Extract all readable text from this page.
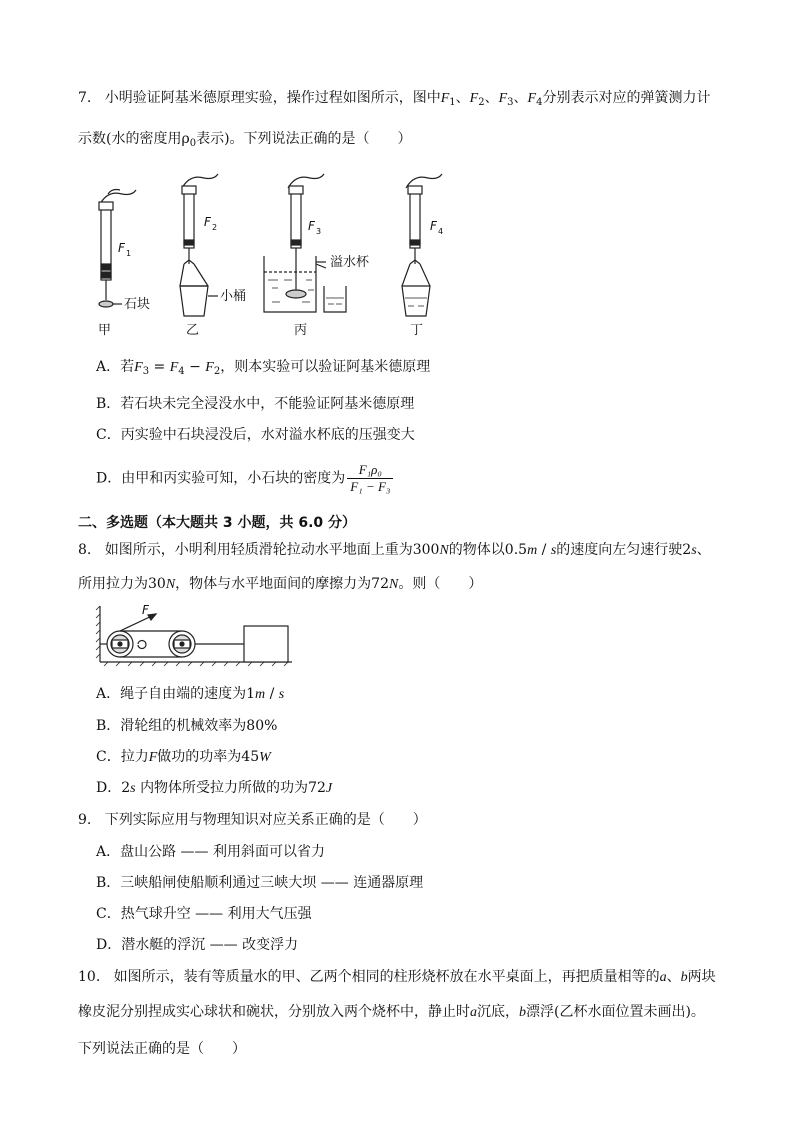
7. 小明验证阿基米德原理实验，操作过程如图所示，图中$F_1$、$F_2$、$F_3$、$F_4$分别表示对应的弹簧测力计
示数(水的密度用$\rho_0$表示)。下列说法正确的是（　　）
F 1
F 2	F 3	F 4
石块
小桶
溢水杯
甲	乙	丙	丁
A．若$F_3 = F_4 - F_2$，则本实验可以验证阿基米德原理
B．若石块未完全浸没水中，不能验证阿基米德原理
C．丙实验中石块浸没后，水对溢水杯底的压强变大
D．由甲和丙实验可知，小石块的密度为 $\frac{\text{F₁ρ₀}}{\text{F₁ − F₃}}$
二、多选题（本大题共 3 小题，共 6.0 分）
8. 如图所示，小明利用轻质滑轮拉动水平地面上重为300N的物体以0.5m / s的速度向左匀速行驶2s、
所用拉力为30N，物体与水平地面间的摩擦力为72N。则（　　）
F
A．绳子自由端的速度为1m / s
B．滑轮组的机械效率为80%
C．拉力F做功的功率为45W
D．2s 内物体所受拉力所做的功为72J
9. 下列实际应用与物理知识对应关系正确的是（　　）
A．盘山公路 —— 利用斜面可以省力
B．三峡船闸使船顺利通过三峡大坝 —— 连通器原理
C．热气球升空 —— 利用大气压强
D．潜水艇的浮沉 —— 改变浮力
10. 如图所示，装有等质量水的甲、乙两个相同的柱形烧杯放在水平桌面上，再把质量相等的a、b两块
橡皮泥分别捏成实心球状和碗状，分别放入两个烧杯中，静止时a沉底，b漂浮(乙杯水面位置未画出)。
下列说法正确的是（　　）
